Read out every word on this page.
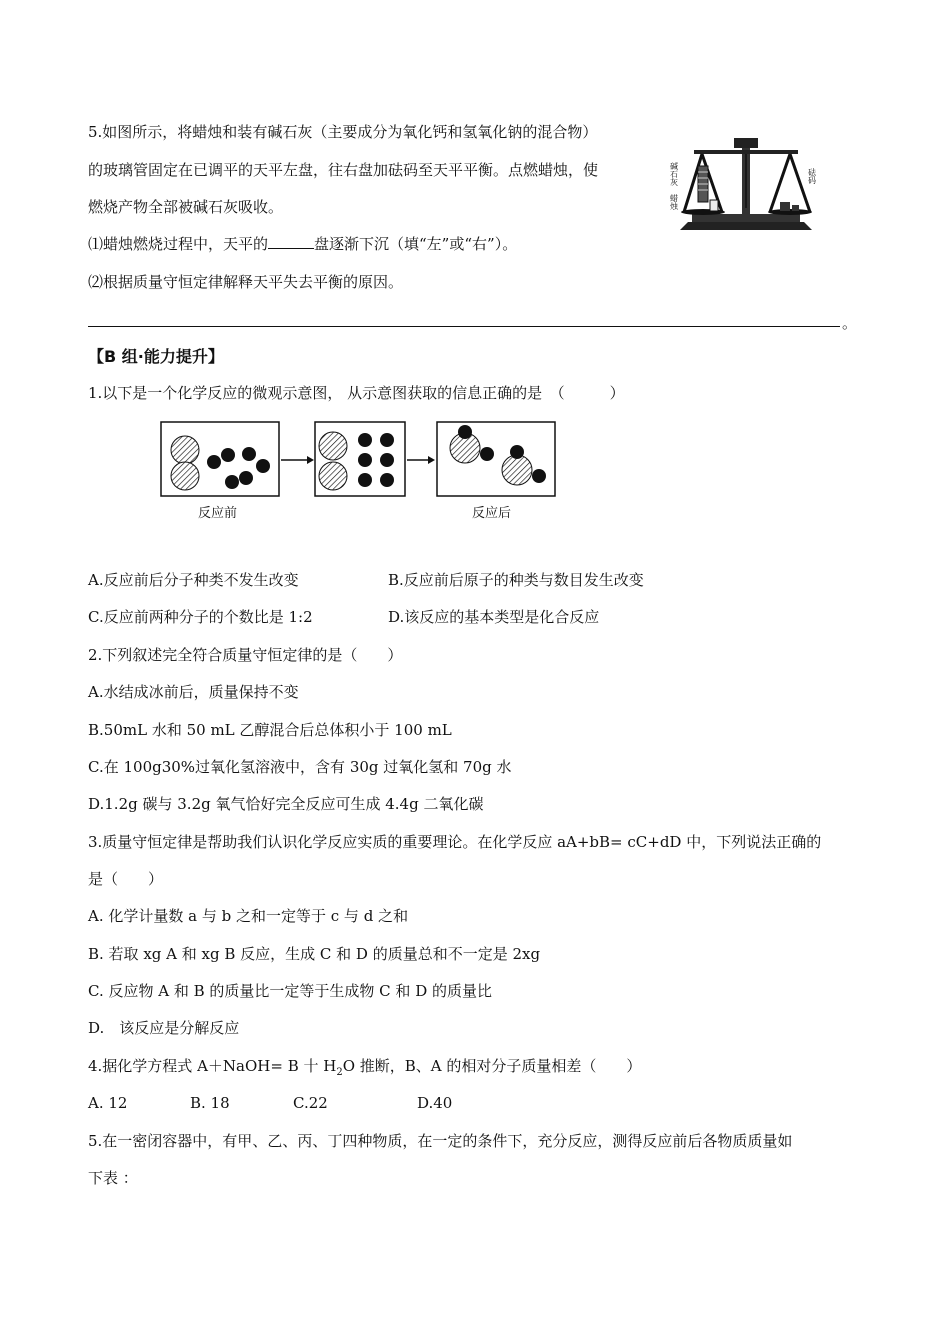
5.如图所示，将蜡烛和装有碱石灰（主要成分为氧化钙和氢氧化钠的混合物）
的玻璃管固定在已调平的天平左盘，往右盘加砝码至天平平衡。点燃蜡烛，使
燃烧产物全部被碱石灰吸收。
⑴蜡烛燃烧过程中，天平的	盘逐渐下沉（填“左”或“右”）。
⑵根据质量守恒定律解释天平失去平衡的原因。
。
碱石灰
蜡烛
砝码
【B 组·能力提升】
1.以下是一个化学反应的微观示意图， 从示意图获取的信息正确的是　（　　　）
反应前	反应后
A.反应前后分子种类不发生改变	B.反应前后原子的种类与数目发生改变
C.反应前两种分子的个数比是 1:2	D.该反应的基本类型是化合反应
2.下列叙述完全符合质量守恒定律的是（　　）
A.水结成冰前后，质量保持不变
B.50mL 水和 50 mL 乙醇混合后总体积小于 100 mL
C.在 100g30%过氧化氢溶液中，含有 30g 过氧化氢和 70g 水
D.1.2g 碳与 3.2g 氧气恰好完全反应可生成 4.4g 二氧化碳
3.质量守恒定律是帮助我们认识化学反应实质的重要理论。在化学反应 aA+bB= cC+dD 中，下列说法正确的
是（　　）
A. 化学计量数 a 与 b 之和一定等于 c 与 d 之和
B. 若取 xg A 和 xg B 反应，生成 C 和 D 的质量总和不一定是 2xg
C. 反应物 A 和 B 的质量比一定等于生成物 C 和 D 的质量比
D.　该反应是分解反应
4.据化学方程式 A＋NaOH= B 十 $H_2O$ 推断，B、A 的相对分子质量相差（　　）
A. 12	B. 18	C.22	D.40
5.在一密闭容器中，有甲、乙、丙、丁四种物质，在一定的条件下，充分反应，测得反应前后各物质质量如
下表 ：
